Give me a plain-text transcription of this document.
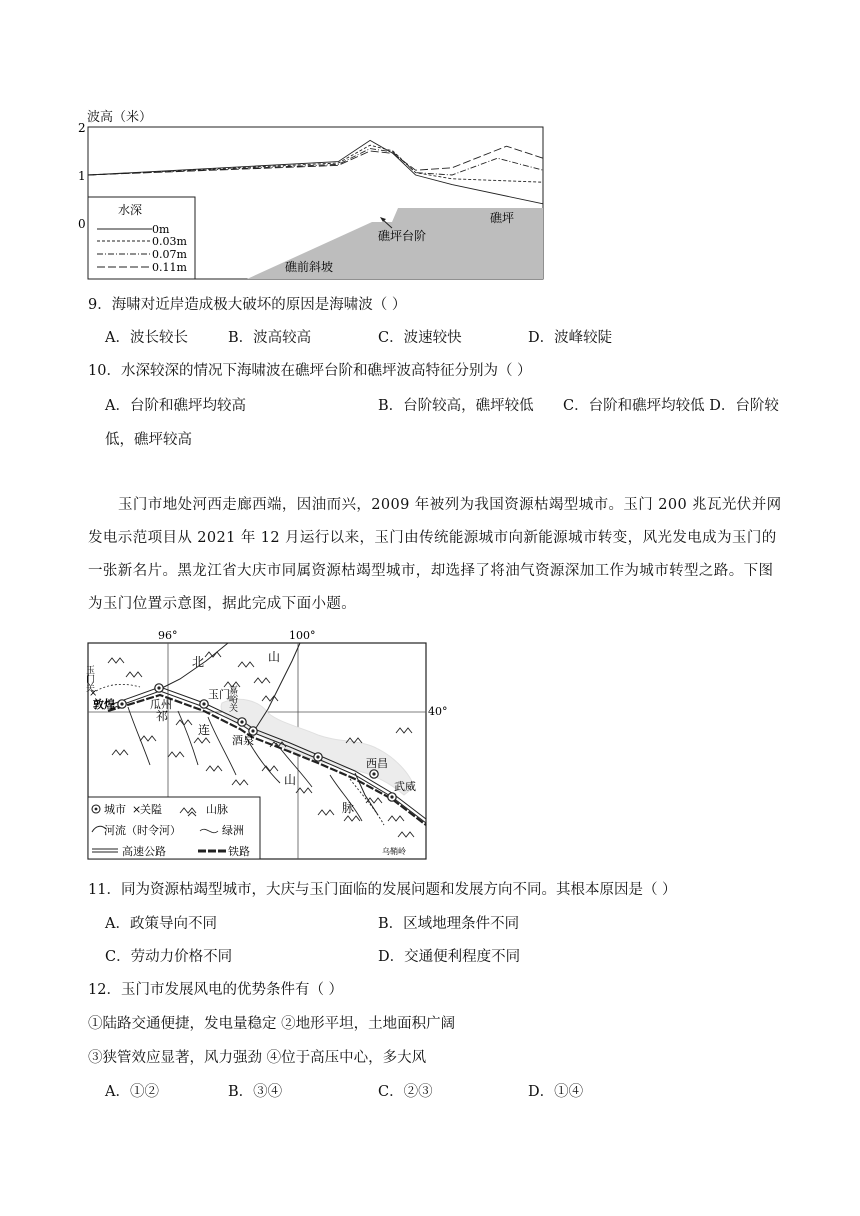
波高（米）
2
1
0
水深
0m
0.03m
0.07m
0.11m
礁坪台阶
礁坪
礁前斜坡
9．海啸对近岸造成极大破坏的原因是海啸波（ ）
A．波长较长	B．波高较高	C．波速较快	D．波峰较陡
10．水深较深的情况下海啸波在礁坪台阶和礁坪波高特征分别为（ ）
A．台阶和礁坪均较高	B．台阶较高，礁坪较低 C．台阶和礁坪均较低 D．台阶较
低，礁坪较高
玉门市地处河西走廊西端，因油而兴，2009 年被列为我国资源枯竭型城市。玉门 200 兆瓦光伏并网发电示范项目从 2021 年 12 月运行以来，玉门由传统能源城市向新能源城市转变，风光发电成为玉门的一张新名片。黑龙江省大庆市同属资源枯竭型城市，却选择了将油气资源深加工作为城市转型之路。下图为玉门位置示意图，据此完成下面小题。
96°	100°
40°
×
玉门关
敦煌	瓜州
玉门
嘉峪关
酒泉
西昌
武威
乌鞘岭
北	山
祁
连
山
脉
城市 ×
关隘	山脉
河流（时令河）	绿洲
高速公路	铁路
11．同为资源枯竭型城市，大庆与玉门面临的发展问题和发展方向不同。其根本原因是（ ）
A．政策导向不同	B．区域地理条件不同
C．劳动力价格不同	D．交通便利程度不同
12．玉门市发展风电的优势条件有（ ）
①陆路交通便捷，发电量稳定 ②地形平坦，土地面积广阔
③狭管效应显著，风力强劲 ④位于高压中心，多大风
A．①②	B．③④	C．②③	D．①④
